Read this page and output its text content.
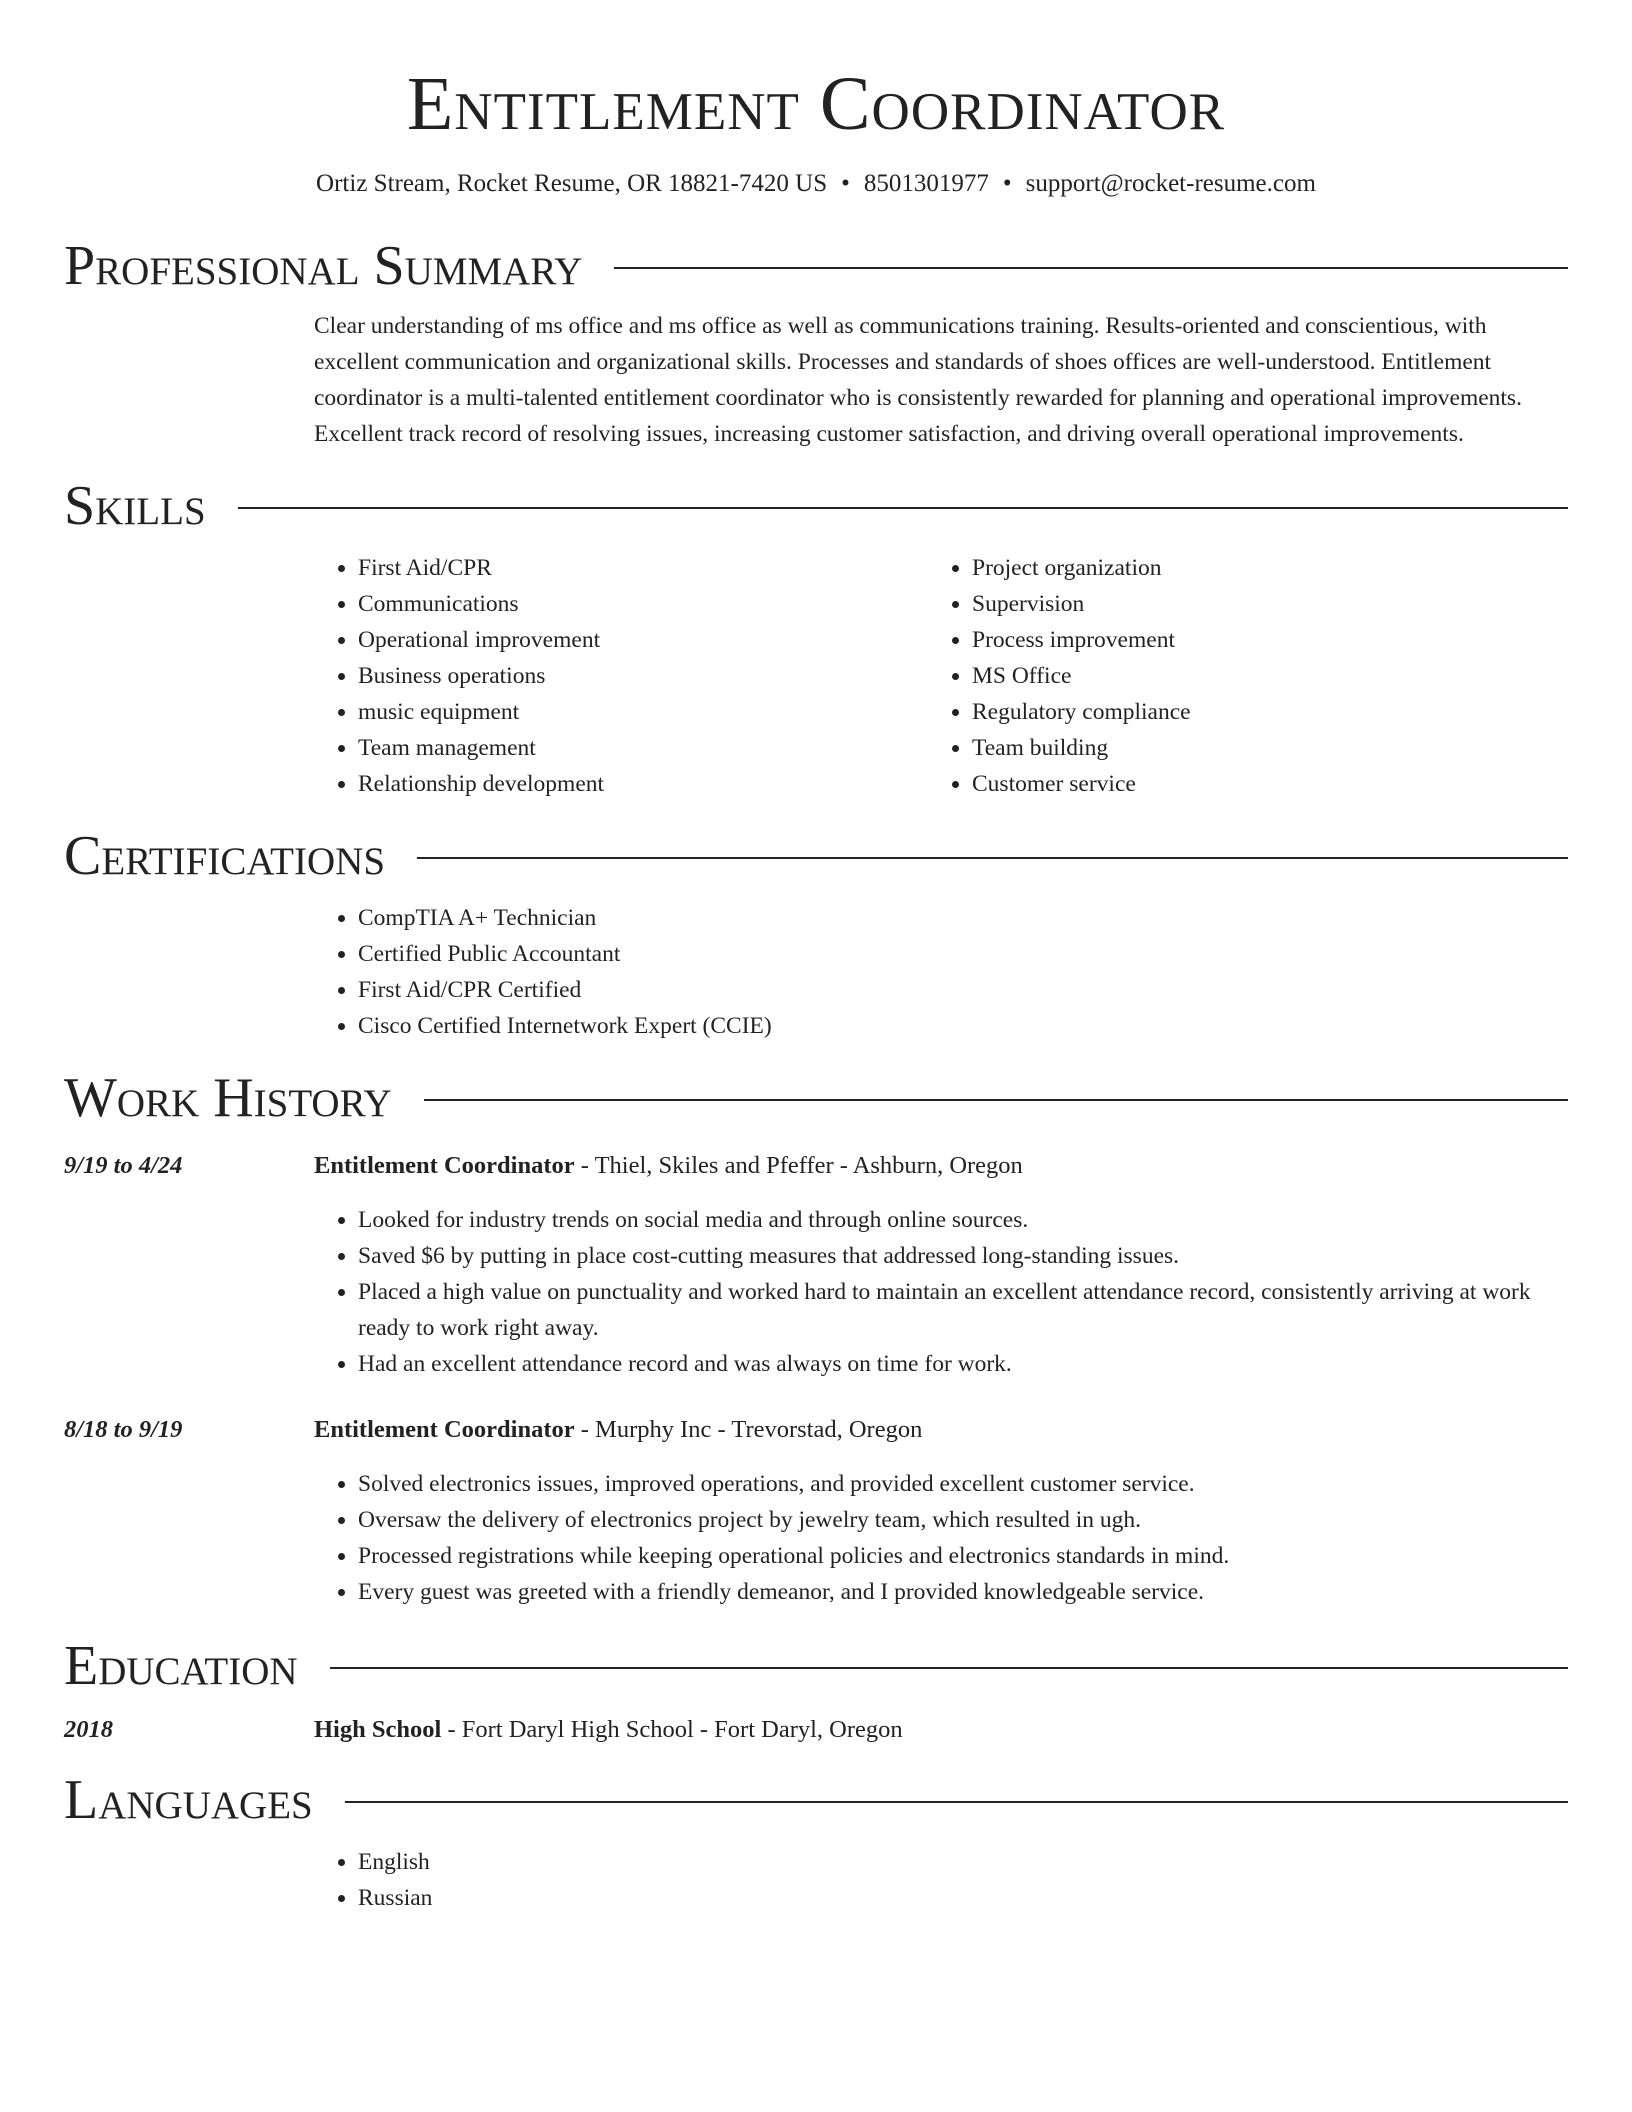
Entitlement Coordinator
Ortiz Stream, Rocket Resume, OR 18821-7420 US • 8501301977 • support@rocket-resume.com
Professional Summary
Clear understanding of ms office and ms office as well as communications training. Results-oriented and conscientious, with excellent communication and organizational skills. Processes and standards of shoes offices are well-understood. Entitlement coordinator is a multi-talented entitlement coordinator who is consistently rewarded for planning and operational improvements. Excellent track record of resolving issues, increasing customer satisfaction, and driving overall operational improvements.
Skills
• First Aid/CPR
• Communications
• Operational improvement
• Business operations
• music equipment
• Team management
• Relationship development
• Project organization
• Supervision
• Process improvement
• MS Office
• Regulatory compliance
• Team building
• Customer service
Certifications
• CompTIA A+ Technician
• Certified Public Accountant
• First Aid/CPR Certified
• Cisco Certified Internetwork Expert (CCIE)
Work History
9/19 to 4/24	Entitlement Coordinator - Thiel, Skiles and Pfeffer - Ashburn, Oregon
• Looked for industry trends on social media and through online sources.
• Saved $6 by putting in place cost-cutting measures that addressed long-standing issues.
• Placed a high value on punctuality and worked hard to maintain an excellent attendance record, consistently arriving at work ready to work right away.
• Had an excellent attendance record and was always on time for work.
8/18 to 9/19	Entitlement Coordinator - Murphy Inc - Trevorstad, Oregon
• Solved electronics issues, improved operations, and provided excellent customer service.
• Oversaw the delivery of electronics project by jewelry team, which resulted in ugh.
• Processed registrations while keeping operational policies and electronics standards in mind.
• Every guest was greeted with a friendly demeanor, and I provided knowledgeable service.
Education
2018	High School - Fort Daryl High School - Fort Daryl, Oregon
Languages
• English
• Russian
